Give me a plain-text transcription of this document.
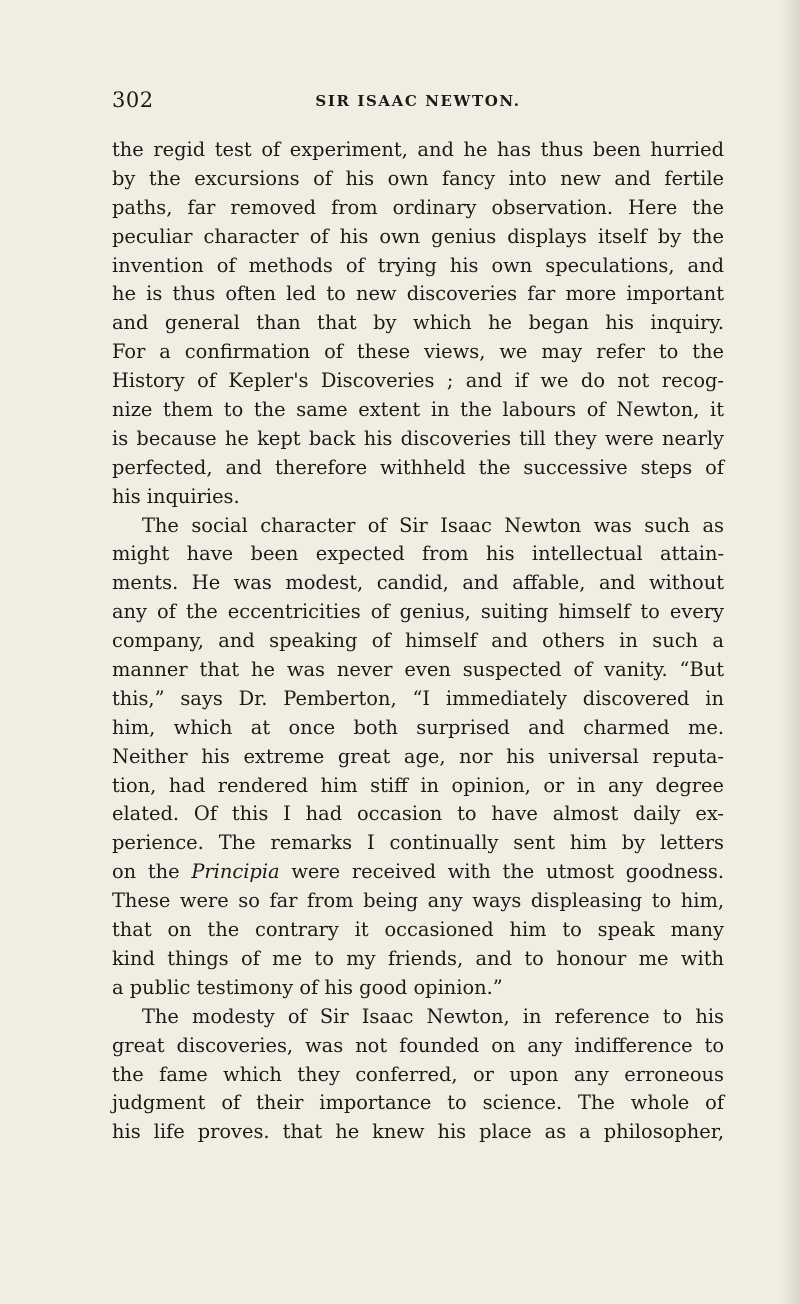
302	SIR ISAAC NEWTON.
the regid test of experiment, and he has thus been hurried
by the excursions of his own fancy into new and fertile
paths, far removed from ordinary observation. Here the
peculiar character of his own genius displays itself by the
invention of methods of trying his own speculations, and
he is thus often led to new discoveries far more important
and general than that by which he began his inquiry.
For a confirmation of these views, we may refer to the
History of Kepler's Discoveries ; and if we do not recog-
nize them to the same extent in the labours of Newton, it
is because he kept back his discoveries till they were nearly
perfected, and therefore withheld the successive steps of
his inquiries.
The social character of Sir Isaac Newton was such as
might have been expected from his intellectual attain-
ments. He was modest, candid, and affable, and without
any of the eccentricities of genius, suiting himself to every
company, and speaking of himself and others in such a
manner that he was never even suspected of vanity. “But
this,” says Dr. Pemberton, “I immediately discovered in
him, which at once both surprised and charmed me.
Neither his extreme great age, nor his universal reputa-
tion, had rendered him stiff in opinion, or in any degree
elated. Of this I had occasion to have almost daily ex-
perience. The remarks I continually sent him by letters
on the Principia were received with the utmost goodness.
These were so far from being any ways displeasing to him,
that on the contrary it occasioned him to speak many
kind things of me to my friends, and to honour me with
a public testimony of his good opinion.”
The modesty of Sir Isaac Newton, in reference to his
great discoveries, was not founded on any indifference to
the fame which they conferred, or upon any erroneous
judgment of their importance to science. The whole of
his life proves. that he knew his place as a philosopher,
